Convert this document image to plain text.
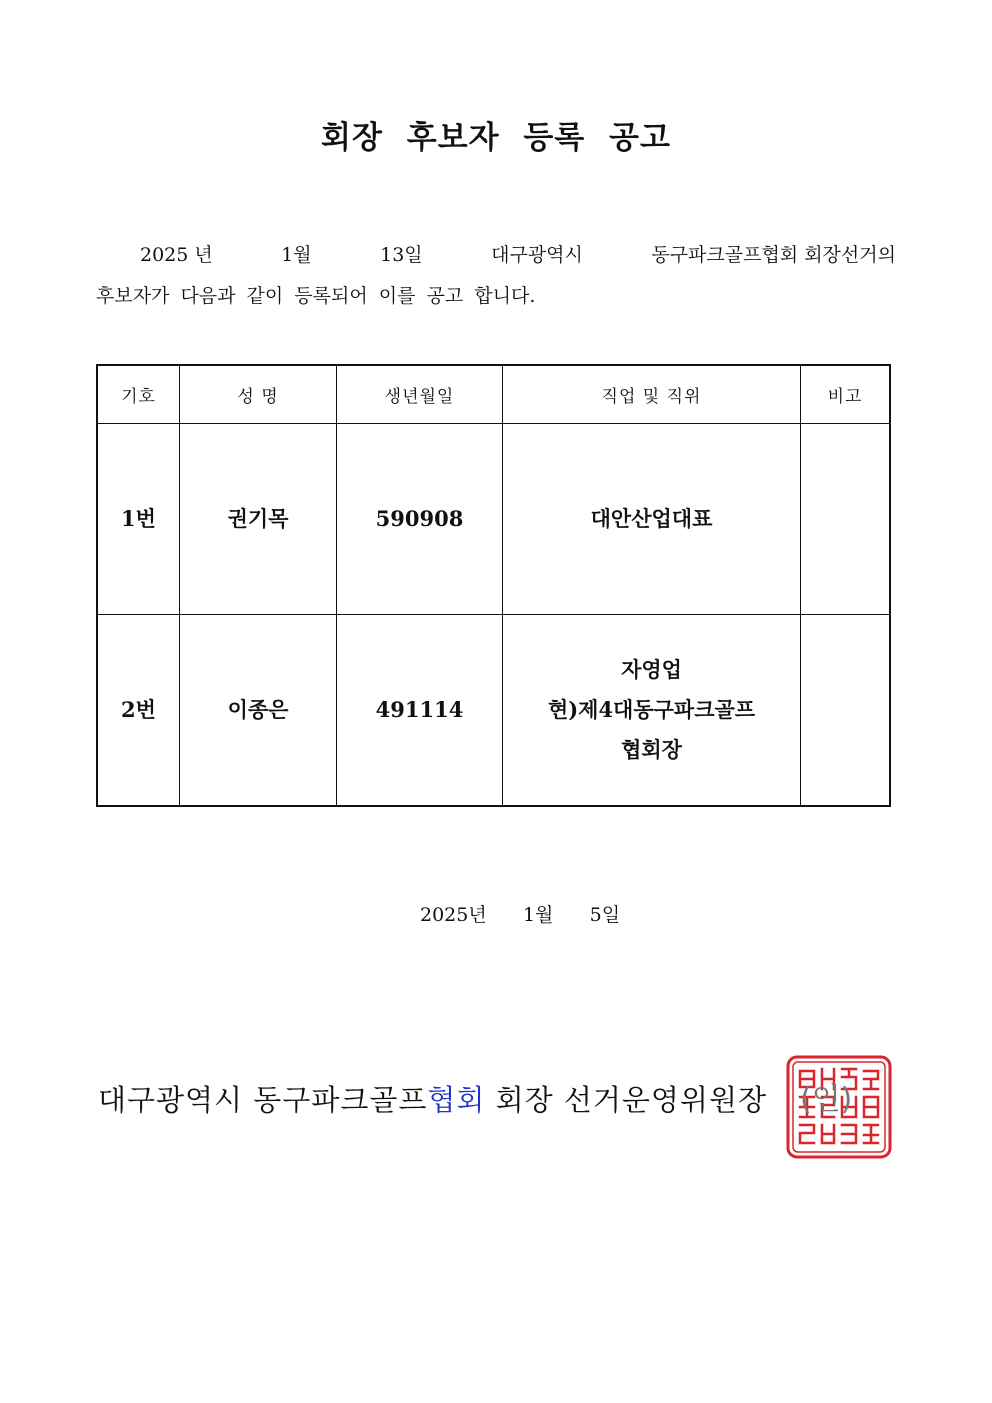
회장 후보자 등록 공고
2025 년	1월	13일	대구광역시	동구파크골프협회 회장선거의
후보자가 다음과 같이 등록되어 이를 공고 합니다.
기호	성 명	생년월일	직업 및 직위	비고
1번	권기목	590908	대안산업대표	

2번	이종은	491114	자영업
현)제4대동구파크골프
협회장	

2025년 1월 5일
대구광역시 동구파크골프협회 회장 선거운영위원장 (인)
